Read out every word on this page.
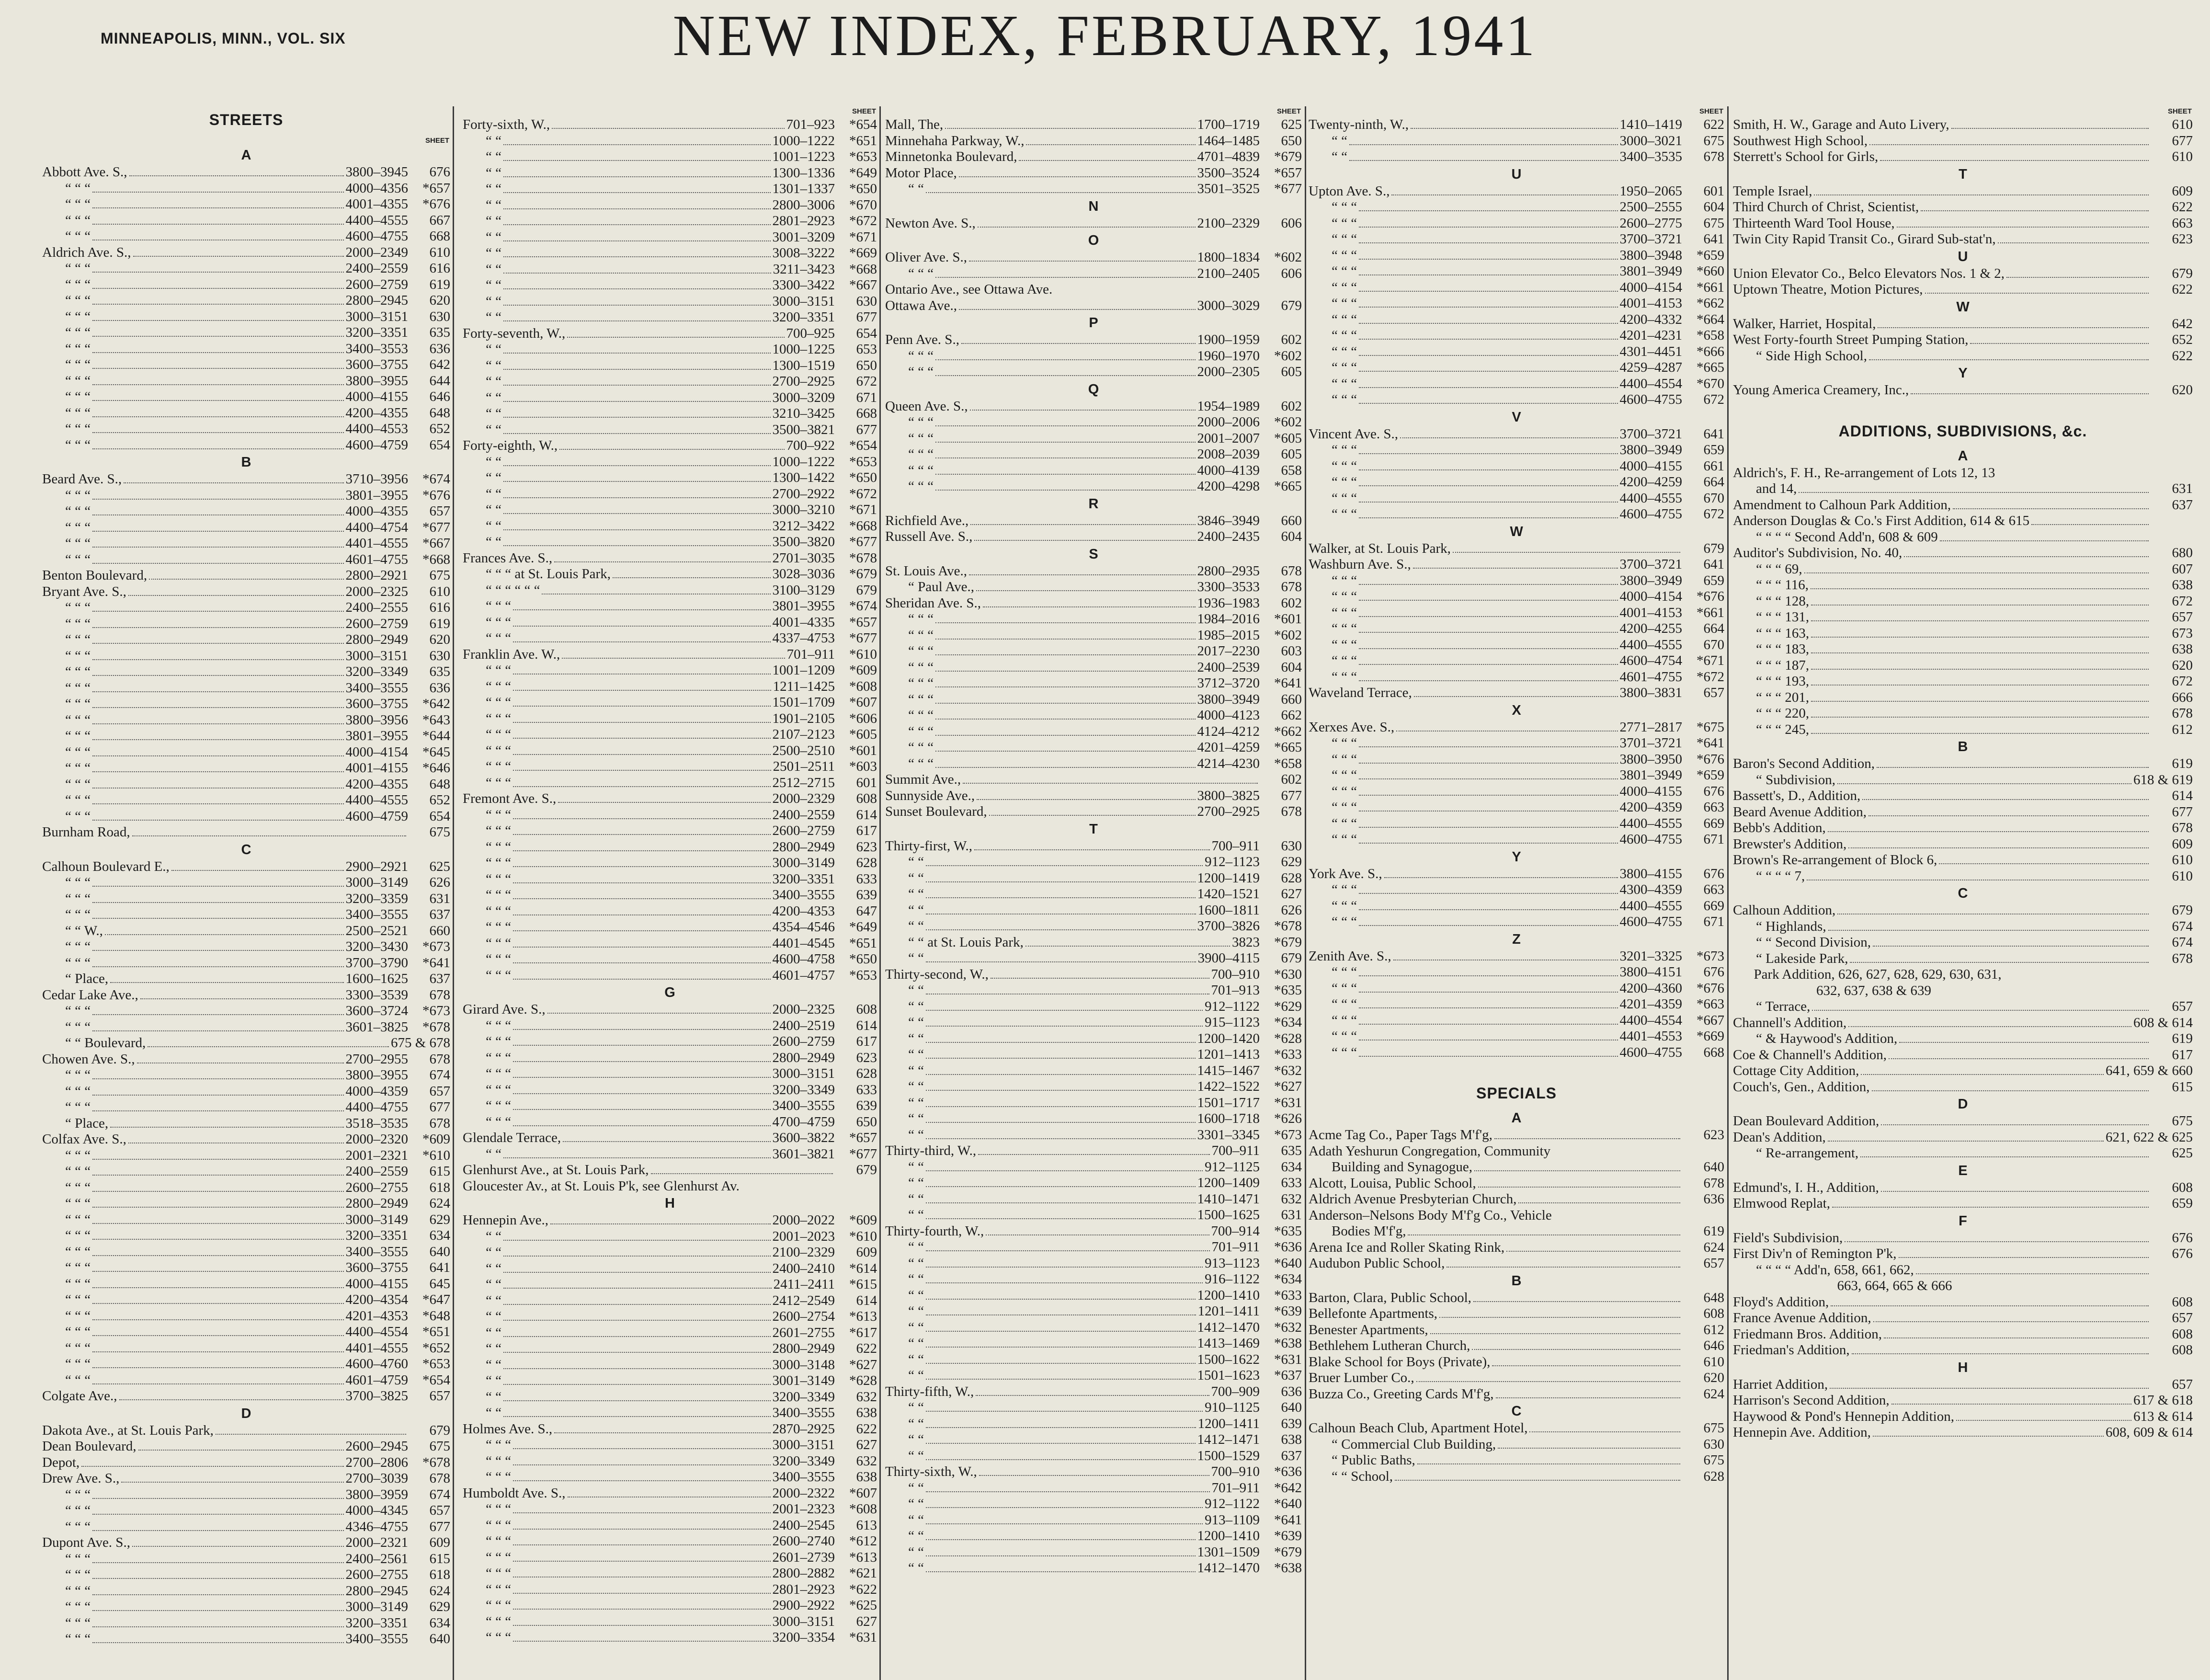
MINNEAPOLIS, MINN., VOL. SIX	NEW INDEX, FEBRUARY, 1941
STREETS
SHEET
A
Abbott Ave. S.,	3800–3945	676
“ “ “	4000–4356	*657
“ “ “	4001–4355	*676
“ “ “	4400–4555	667
“ “ “	4600–4755	668
Aldrich Ave. S.,	2000–2349	610
“ “ “	2400–2559	616
“ “ “	2600–2759	619
“ “ “	2800–2945	620
“ “ “	3000–3151	630
“ “ “	3200–3351	635
“ “ “	3400–3553	636
“ “ “	3600–3755	642
“ “ “	3800–3955	644
“ “ “	4000–4155	646
“ “ “	4200–4355	648
“ “ “	4400–4553	652
“ “ “	4600–4759	654
B
Beard Ave. S.,	3710–3956	*674
“ “ “	3801–3955	*676
“ “ “	4000–4355	657
“ “ “	4400–4754	*677
“ “ “	4401–4555	*667
“ “ “	4601–4755	*668
Benton Boulevard,	2800–2921	675
Bryant Ave. S.,	2000–2325	610
“ “ “	2400–2555	616
“ “ “	2600–2759	619
“ “ “	2800–2949	620
“ “ “	3000–3151	630
“ “ “	3200–3349	635
“ “ “	3400–3555	636
“ “ “	3600–3755	*642
“ “ “	3800–3956	*643
“ “ “	3801–3955	*644
“ “ “	4000–4154	*645
“ “ “	4001–4155	*646
“ “ “	4200–4355	648
“ “ “	4400–4555	652
“ “ “	4600–4759	654
Burnham Road,	675
C
Calhoun Boulevard E.,	2900–2921	625
“ “ “	3000–3149	626
“ “ “	3200–3359	631
“ “ “	3400–3555	637
“ “ W.,	2500–2521	660
“ “ “	3200–3430	*673
“ “ “	3700–3790	*641
“ Place,	1600–1625	637
Cedar Lake Ave.,	3300–3539	678
“ “ “	3600–3724	*673
“ “ “	3601–3825	*678
“ “ Boulevard,	675 & 678
Chowen Ave. S.,	2700–2955	678
“ “ “	3800–3955	674
“ “ “	4000–4359	657
“ “ “	4400–4755	677
“ Place,	3518–3535	678
Colfax Ave. S.,	2000–2320	*609
“ “ “	2001–2321	*610
“ “ “	2400–2559	615
“ “ “	2600–2755	618
“ “ “	2800–2949	624
“ “ “	3000–3149	629
“ “ “	3200–3351	634
“ “ “	3400–3555	640
“ “ “	3600–3755	641
“ “ “	4000–4155	645
“ “ “	4200–4354	*647
“ “ “	4201–4353	*648
“ “ “	4400–4554	*651
“ “ “	4401–4555	*652
“ “ “	4600–4760	*653
“ “ “	4601–4759	*654
Colgate Ave.,	3700–3825	657
D
Dakota Ave., at St. Louis Park,	679
Dean Boulevard,	2600–2945	675
Depot,	2700–2806	*678
Drew Ave. S.,	2700–3039	678
“ “ “	3800–3959	674
“ “ “	4000–4345	657
“ “ “	4346–4755	677
Dupont Ave. S.,	2000–2321	609
“ “ “	2400–2561	615
“ “ “	2600–2755	618
“ “ “	2800–2945	624
“ “ “	3000–3149	629
“ “ “	3200–3351	634
“ “ “	3400–3555	640
SHEET
Forty-sixth, W.,	701–923	*654
“ “	1000–1222	*651
“ “	1001–1223	*653
“ “	1300–1336	*649
“ “	1301–1337	*650
“ “	2800–3006	*670
“ “	2801–2923	*672
“ “	3001–3209	*671
“ “	3008–3222	*669
“ “	3211–3423	*668
“ “	3300–3422	*667
“ “	3000–3151	630
“ “	3200–3351	677
Forty-seventh, W.,	700–925	654
“ “	1000–1225	653
“ “	1300–1519	650
“ “	2700–2925	672
“ “	3000–3209	671
“ “	3210–3425	668
“ “	3500–3821	677
Forty-eighth, W.,	700–922	*654
“ “	1000–1222	*653
“ “	1300–1422	*650
“ “	2700–2922	*672
“ “	3000–3210	*671
“ “	3212–3422	*668
“ “	3500–3820	*677
Frances Ave. S.,	2701–3035	*678
“ “ “ at St. Louis Park,	3028–3036	*679
“ “ “ “ “ “	3100–3129	679
“ “ “	3801–3955	*674
“ “ “	4001–4335	*657
“ “ “	4337–4753	*677
Franklin Ave. W.,	701–911	*610
“ “ “	1001–1209	*609
“ “ “	1211–1425	*608
“ “ “	1501–1709	*607
“ “ “	1901–2105	*606
“ “ “	2107–2123	*605
“ “ “	2500–2510	*601
“ “ “	2501–2511	*603
“ “ “	2512–2715	601
Fremont Ave. S.,	2000–2329	608
“ “ “	2400–2559	614
“ “ “	2600–2759	617
“ “ “	2800–2949	623
“ “ “	3000–3149	628
“ “ “	3200–3351	633
“ “ “	3400–3555	639
“ “ “	4200–4353	647
“ “ “	4354–4546	*649
“ “ “	4401–4545	*651
“ “ “	4600–4758	*650
“ “ “	4601–4757	*653
G
Girard Ave. S.,	2000–2325	608
“ “ “	2400–2519	614
“ “ “	2600–2759	617
“ “ “	2800–2949	623
“ “ “	3000–3151	628
“ “ “	3200–3349	633
“ “ “	3400–3555	639
“ “ “	4700–4759	650
Glendale Terrace,	3600–3822	*657
“ “	3601–3821	*677
Glenhurst Ave., at St. Louis Park,	679
Gloucester Av., at St. Louis P'k, see Glenhurst Av.
H
Hennepin Ave.,	2000–2022	*609
“ “	2001–2023	*610
“ “	2100–2329	609
“ “	2400–2410	*614
“ “	2411–2411	*615
“ “	2412–2549	614
“ “	2600–2754	*613
“ “	2601–2755	*617
“ “	2800–2949	622
“ “	3000–3148	*627
“ “	3001–3149	*628
“ “	3200–3349	632
“ “	3400–3555	638
Holmes Ave. S.,	2870–2925	622
“ “ “	3000–3151	627
“ “ “	3200–3349	632
“ “ “	3400–3555	638
Humboldt Ave. S.,	2000–2322	*607
“ “ “	2001–2323	*608
“ “ “	2400–2545	613
“ “ “	2600–2740	*612
“ “ “	2601–2739	*613
“ “ “	2800–2882	*621
“ “ “	2801–2923	*622
“ “ “	2900–2922	*625
“ “ “	3000–3151	627
“ “ “	3200–3354	*631
SHEET
Mall, The,	1700–1719	625
Minnehaha Parkway, W.,	1464–1485	650
Minnetonka Boulevard,	4701–4839	*679
Motor Place,	3500–3524	*657
“ “	3501–3525	*677
N
Newton Ave. S.,	2100–2329	606
O
Oliver Ave. S.,	1800–1834	*602
“ “ “	2100–2405	606
Ontario Ave., see Ottawa Ave.
Ottawa Ave.,	3000–3029	679
P
Penn Ave. S.,	1900–1959	602
“ “ “	1960–1970	*602
“ “ “	2000–2305	605
Q
Queen Ave. S.,	1954–1989	602
“ “ “	2000–2006	*602
“ “ “	2001–2007	*605
“ “ “	2008–2039	605
“ “ “	4000–4139	658
“ “ “	4200–4298	*665
R
Richfield Ave.,	3846–3949	660
Russell Ave. S.,	2400–2435	604
S
St. Louis Ave.,	2800–2935	678
“ Paul Ave.,	3300–3533	678
Sheridan Ave. S.,	1936–1983	602
“ “ “	1984–2016	*601
“ “ “	1985–2015	*602
“ “ “	2017–2230	603
“ “ “	2400–2539	604
“ “ “	3712–3720	*641
“ “ “	3800–3949	660
“ “ “	4000–4123	662
“ “ “	4124–4212	*662
“ “ “	4201–4259	*665
“ “ “	4214–4230	*658
Summit Ave.,	602
Sunnyside Ave.,	3800–3825	677
Sunset Boulevard,	2700–2925	678
T
Thirty-first, W.,	700–911	630
“ “	912–1123	629
“ “	1200–1419	628
“ “	1420–1521	627
“ “	1600–1811	626
“ “	3700–3826	*678
“ “ at St. Louis Park,	3823	*679
“ “	3900–4115	679
Thirty-second, W.,	700–910	*630
“ “	701–913	*635
“ “	912–1122	*629
“ “	915–1123	*634
“ “	1200–1420	*628
“ “	1201–1413	*633
“ “	1415–1467	*632
“ “	1422–1522	*627
“ “	1501–1717	*631
“ “	1600–1718	*626
“ “	3301–3345	*673
Thirty-third, W.,	700–911	635
“ “	912–1125	634
“ “	1200–1409	633
“ “	1410–1471	632
“ “	1500–1625	631
Thirty-fourth, W.,	700–914	*635
“ “	701–911	*636
“ “	913–1123	*640
“ “	916–1122	*634
“ “	1200–1410	*633
“ “	1201–1411	*639
“ “	1412–1470	*632
“ “	1413–1469	*638
“ “	1500–1622	*631
“ “	1501–1623	*637
Thirty-fifth, W.,	700–909	636
“ “	910–1125	640
“ “	1200–1411	639
“ “	1412–1471	638
“ “	1500–1529	637
Thirty-sixth, W.,	700–910	*636
“ “	701–911	*642
“ “	912–1122	*640
“ “	913–1109	*641
“ “	1200–1410	*639
“ “	1301–1509	*679
“ “	1412–1470	*638
SHEET
Twenty-ninth, W.,	1410–1419	622
“ “	3000–3021	675
“ “	3400–3535	678
U
Upton Ave. S.,	1950–2065	601
“ “ “	2500–2555	604
“ “ “	2600–2775	675
“ “ “	3700–3721	641
“ “ “	3800–3948	*659
“ “ “	3801–3949	*660
“ “ “	4000–4154	*661
“ “ “	4001–4153	*662
“ “ “	4200–4332	*664
“ “ “	4201–4231	*658
“ “ “	4301–4451	*666
“ “ “	4259–4287	*665
“ “ “	4400–4554	*670
“ “ “	4600–4755	672
V
Vincent Ave. S.,	3700–3721	641
“ “ “	3800–3949	659
“ “ “	4000–4155	661
“ “ “	4200–4259	664
“ “ “	4400–4555	670
“ “ “	4600–4755	672
W
Walker, at St. Louis Park,	679
Washburn Ave. S.,	3700–3721	641
“ “ “	3800–3949	659
“ “ “	4000–4154	*676
“ “ “	4001–4153	*661
“ “ “	4200–4255	664
“ “ “	4400–4555	670
“ “ “	4600–4754	*671
“ “ “	4601–4755	*672
Waveland Terrace,	3800–3831	657
X
Xerxes Ave. S.,	2771–2817	*675
“ “ “	3701–3721	*641
“ “ “	3800–3950	*676
“ “ “	3801–3949	*659
“ “ “	4000–4155	676
“ “ “	4200–4359	663
“ “ “	4400–4555	669
“ “ “	4600–4755	671
Y
York Ave. S.,	3800–4155	676
“ “ “	4300–4359	663
“ “ “	4400–4555	669
“ “ “	4600–4755	671
Z
Zenith Ave. S.,	3201–3325	*673
“ “ “	3800–4151	676
“ “ “	4200–4360	*676
“ “ “	4201–4359	*663
“ “ “	4400–4554	*667
“ “ “	4401–4553	*669
“ “ “	4600–4755	668
SPECIALS
A
Acme Tag Co., Paper Tags M'f'g,	623
Adath Yeshurun Congregation, Community
Building and Synagogue,	640
Alcott, Louisa, Public School,	678
Aldrich Avenue Presbyterian Church,	636
Anderson–Nelsons Body M'f'g Co., Vehicle
Bodies M'f'g,	619
Arena Ice and Roller Skating Rink,	624
Audubon Public School,	657
B
Barton, Clara, Public School,	648
Bellefonte Apartments,	608
Benester Apartments,	612
Bethlehem Lutheran Church,	646
Blake School for Boys (Private),	610
Bruer Lumber Co.,	620
Buzza Co., Greeting Cards M'f'g,	624
C
Calhoun Beach Club, Apartment Hotel,	675
“ Commercial Club Building,	630
“ Public Baths,	675
“ “ School,	628
SHEET
Smith, H. W., Garage and Auto Livery,	610
Southwest High School,	677
Sterrett's School for Girls,	610
T
Temple Israel,	609
Third Church of Christ, Scientist,	622
Thirteenth Ward Tool House,	663
Twin City Rapid Transit Co., Girard Sub-stat'n,	623
U
Union Elevator Co., Belco Elevators Nos. 1 & 2,	679
Uptown Theatre, Motion Pictures,	622
W
Walker, Harriet, Hospital,	642
West Forty-fourth Street Pumping Station,	652
“ Side High School,	622
Y
Young America Creamery, Inc.,	620
ADDITIONS, SUBDIVISIONS, &c.
A
Aldrich's, F. H., Re-arrangement of Lots 12, 13
and 14,	631
Amendment to Calhoun Park Addition,	637
Anderson Douglas & Co.'s First Addition, 614 & 615
“ “ “ “ Second Add'n, 608 & 609
Auditor's Subdivision, No. 40,	680
“ “ “ 69,	607
“ “ “ 116,	638
“ “ “ 128,	672
“ “ “ 131,	657
“ “ “ 163,	673
“ “ “ 183,	638
“ “ “ 187,	620
“ “ “ 193,	672
“ “ “ 201,	666
“ “ “ 220,	678
“ “ “ 245,	612
B
Baron's Second Addition,	619
“ Subdivision,	618 & 619
Bassett's, D., Addition,	614
Beard Avenue Addition,	677
Bebb's Addition,	678
Brewster's Addition,	609
Brown's Re-arrangement of Block 6,	610
“ “ “ “ 7,	610
C
Calhoun Addition,	679
“ Highlands,	674
“ “ Second Division,	674
“ Lakeside Park,	678
Park Addition, 626, 627, 628, 629, 630, 631,
632, 637, 638 & 639
“ Terrace,	657
Channell's Addition,	608 & 614
“ & Haywood's Addition,	619
Coe & Channell's Addition,	617
Cottage City Addition,	641, 659 & 660
Couch's, Gen., Addition,	615
D
Dean Boulevard Addition,	675
Dean's Addition,	621, 622 & 625
“ Re-arrangement,	625
E
Edmund's, I. H., Addition,	608
Elmwood Replat,	659
F
Field's Subdivision,	676
First Div'n of Remington P'k,	676
“ “ “ “ Add'n, 658, 661, 662,
663, 664, 665 & 666
Floyd's Addition,	608
France Avenue Addition,	657
Friedmann Bros. Addition,	608
Friedman's Addition,	608
H
Harriet Addition,	657
Harrison's Second Addition,	617 & 618
Haywood & Pond's Hennepin Addition,	613 & 614
Hennepin Ave. Addition,	608, 609 & 614
